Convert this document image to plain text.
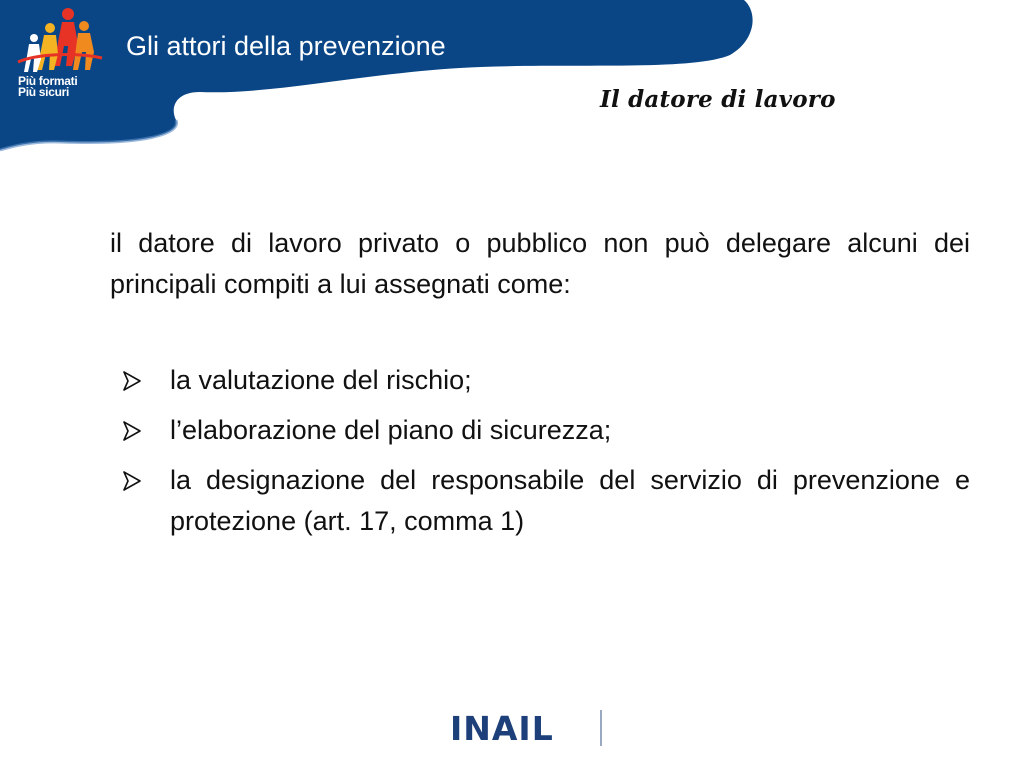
Più formati
Più sicuri
Gli attori della prevenzione
Il datore di lavoro

il datore di lavoro privato o pubblico non può delegare alcuni dei principali compiti a lui assegnati come:

la valutazione del rischio;
l’elaborazione del piano di sicurezza;
la designazione del responsabile del servizio di prevenzione e protezione (art. 17, comma 1)
INAIL
